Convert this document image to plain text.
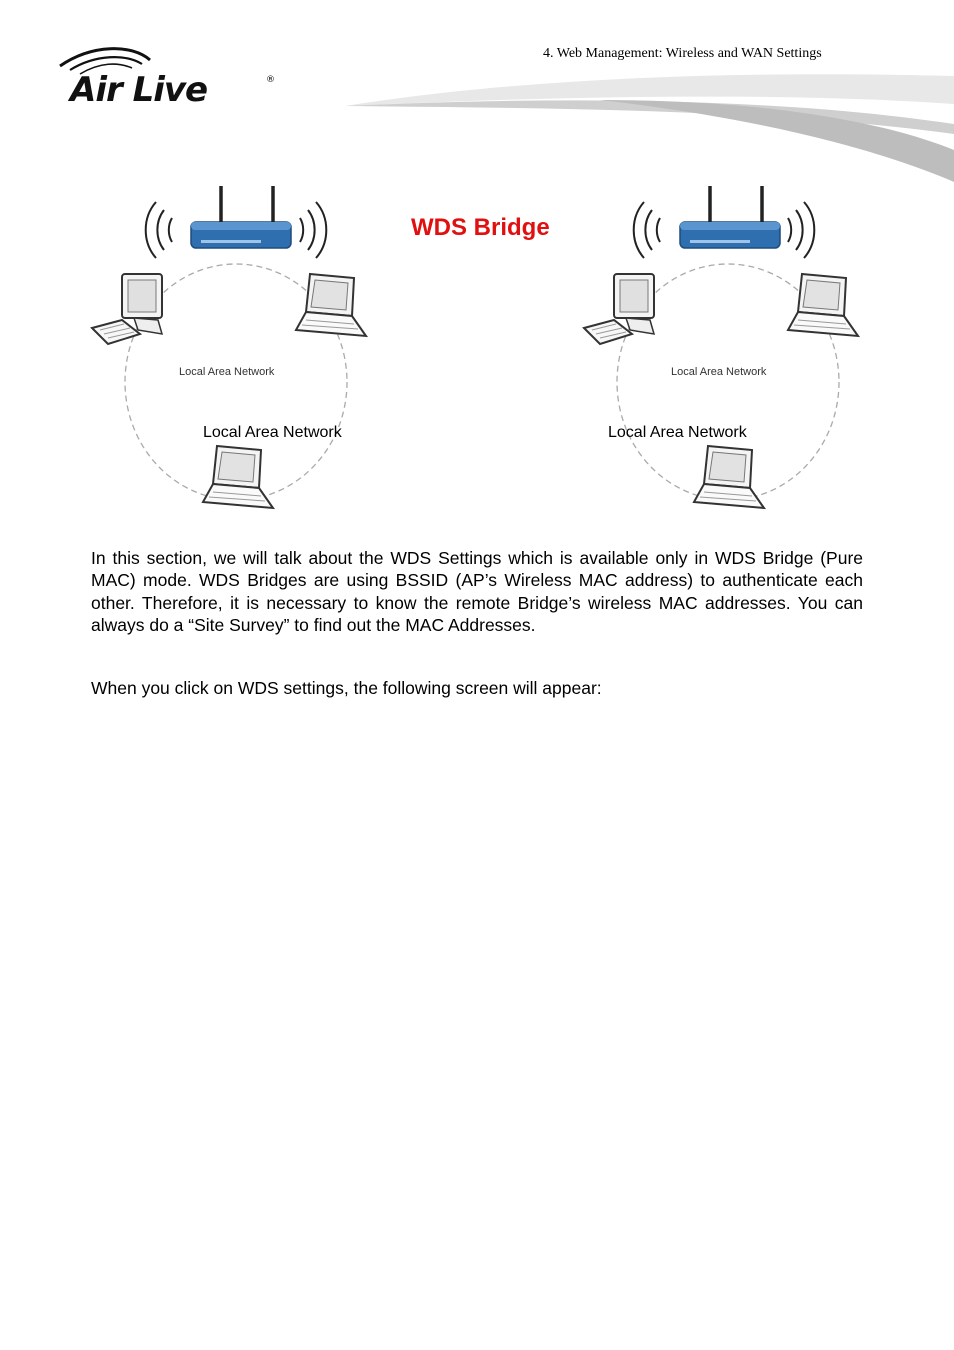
4. Web Management: Wireless and WAN Settings
Air Live	®
WDS Bridge
Local Area Network	Local Area Network
Local Area Network	Local Area Network
In this section, we will talk about the WDS Settings which is available only in WDS Bridge (Pure MAC) mode. WDS Bridges are using BSSID (AP’s Wireless MAC address) to authenticate each other. Therefore, it is necessary to know the remote Bridge’s wireless MAC addresses. You can always do a “Site Survey” to find out the MAC Addresses.
When you click on WDS settings, the following screen will appear:
